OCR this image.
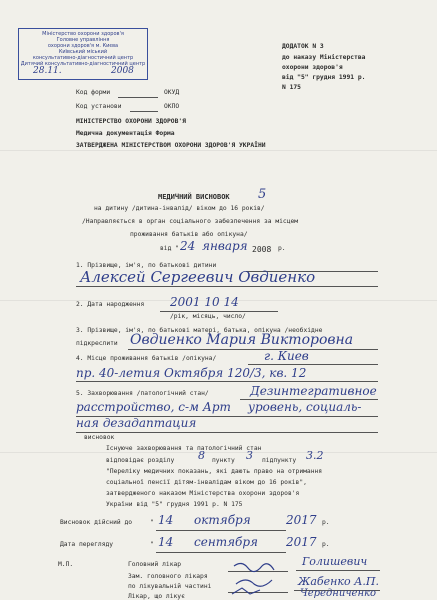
Міністерство охорони здоров'я
Головне управління
охорони здоров'я м. Києва
Київський міський
консультативно-діагностичний центр
Дитячий консультативно-діагностичний центр
28.11.	2008
ДОДАТОК N 3
до наказу Міністерства
охорони здоров'я
від "5" грудня 1991 р.
N 175
Код форми	ОКУД
Код установи	ОКПО
МІНІСТЕРСТВО ОХОРОНИ ЗДОРОВ'Я
Медична документація Форма
ЗАТВЕРДЖЕНА МІНІСТЕРСТВОМ ОХОРОНИ ЗДОРОВ'Я УКРАЇНИ
МЕДИЧНИЙ ВИСНОВОК 5
на дитину /дитина-інвалід/ віком до 16 років/
/Направляється в орган соціального забезпечення за місцем
проживання батьків або опікуна/
від " 24 января 2008 р.
1. Прізвище, ім'я, по батькові дитини
Алексей Сергеевич Овдиенко
2. Дата народження 2001 10 14
/рік, місяць, число/
3. Прізвище, ім'я, по батькові матері, батька, опікуна /необхідне
підкреслити Овдиенко Мария Викторовна
4. Місце проживання батьків /опікуна/	г. Киев
пр. 40-летия Октября 120/3, кв. 12
5. Захворювання /патологічний стан/	Дезинтегративное
расстройство, с-м Арт уровень, социаль-
ная дезадаптация
висновок
Існуюче захворювання та патологічний стан
відповідає розділу 8 пункту 3 підпункту 3.2
"Переліку медичних показань, які дають право на отримання
соціальної пенсії дітям-інвалідам віком до 16 років",
затвердженого наказом Міністерства охорони здоров'я
України від "5" грудня 1991 р. N 175
Висновок дійсний до	" 14 октября	2017 р.
Дата перегляду	" 14 сентября 2017 р.
М.П.	Головний лікар	Голишевич
Зам. головного лікаря
по лікувальній частині	Жабенко А.П.
Лікар, що лікує	Чередниченко
